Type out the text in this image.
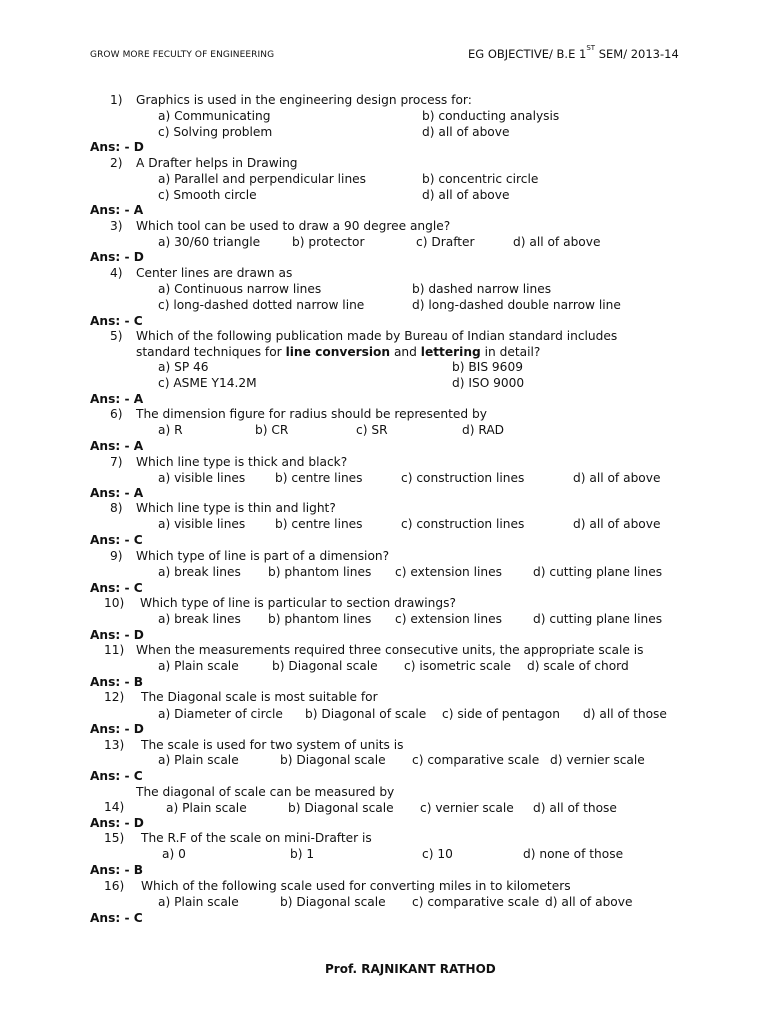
GROW MORE FECULTY OF ENGINEERING	EG OBJECTIVE/ B.E 1ST SEM/ 2013-14
1) Graphics is used in the engineering design process for:
a) Communicating	b) conducting analysis
c) Solving problem	d) all of above
Ans: - D
2) A Drafter helps in Drawing
a) Parallel and perpendicular lines	b) concentric circle
c) Smooth circle	d) all of above
Ans: - A
3) Which tool can be used to draw a 90 degree angle?
a) 30/60 triangle	b) protector	c) Drafter	d) all of above
Ans: - D
4) Center lines are drawn as
a) Continuous narrow lines	b) dashed narrow lines
c) long-dashed dotted narrow line	d) long-dashed double narrow line
Ans: - C
5) Which of the following publication made by Bureau of Indian standard includes
standard techniques for line conversion and lettering in detail?
a) SP 46	b) BIS 9609
c) ASME Y14.2M	d) ISO 9000
Ans: - A
6) The dimension figure for radius should be represented by
a) R	b) CR	c) SR	d) RAD
Ans: - A
7) Which line type is thick and black?
a) visible lines b) centre lines	c) construction lines	d) all of above
Ans: - A
8) Which line type is thin and light?
a) visible lines b) centre lines	c) construction lines	d) all of above
Ans: - C
9) Which type of line is part of a dimension?
a) break lines b) phantom lines c) extension lines	d) cutting plane lines
Ans: - C
10) Which type of line is particular to section drawings?
a) break lines b) phantom lines c) extension lines	d) cutting plane lines
Ans: - D
11) When the measurements required three consecutive units, the appropriate scale is
a) Plain scale	b) Diagonal scale c) isometric scale d) scale of chord
Ans: - B
12) The Diagonal scale is most suitable for
a) Diameter of circle b) Diagonal of scale c) side of pentagon d) all of those
Ans: - D
13) The scale is used for two system of units is
a) Plain scale	b) Diagonal scale c) comparative scale d) vernier scale
Ans: - C
The diagonal of scale can be measured by
14)	a) Plain scale	b) Diagonal scale c) vernier scale d) all of those
Ans: - D
15) The R.F of the scale on mini-Drafter is
a) 0	b) 1	c) 10	d) none of those
Ans: - B
16) Which of the following scale used for converting miles in to kilometers
a) Plain scale	b) Diagonal scale c) comparative scale d) all of above
Ans: - C
Prof. RAJNIKANT RATHOD
